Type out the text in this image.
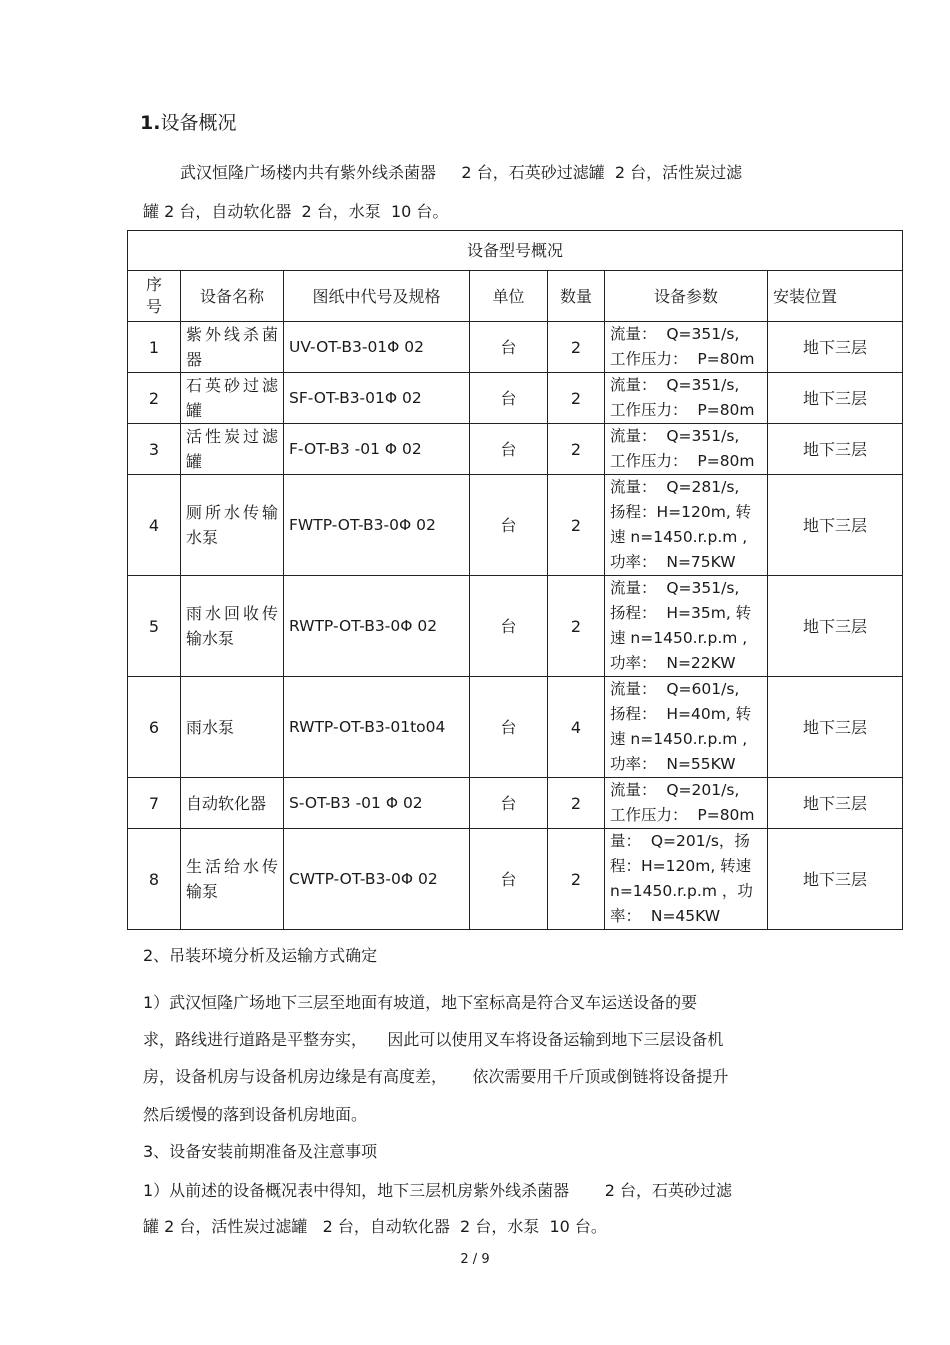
1.设备概况
武汉恒隆广场楼内共有紫外线杀菌器     2 台，石英砂过滤罐  2 台，活性炭过滤
罐 2 台，自动软化器  2 台，水泵  10 台。
设备型号概况						

序号	设备名称	图纸中代号及规格	单位	数量	设备参数	安装位置
1	紫外线杀菌器	UV-OT-B3-01Φ 02	台	2	流量：  Q=351/s,
工作压力：  P=80m	地下三层
2	石英砂过滤罐	SF-OT-B3-01Φ 02	台	2	流量：  Q=351/s,
工作压力：  P=80m	地下三层
3	活性炭过滤罐	F-OT-B3 -01 Φ 02	台	2	流量：  Q=351/s,
工作压力：  P=80m	地下三层
4	厕所水传输水泵	FWTP-OT-B3-0Φ 02	台	2	流量：  Q=281/s,
扬程：H=120m, 转
速 n=1450.r.p.m ,
功率：  N=75KW	地下三层
5	雨水回收传输水泵	RWTP-OT-B3-0Φ 02	台	2	流量：  Q=351/s,
扬程：  H=35m, 转
速 n=1450.r.p.m ,
功率：  N=22KW	地下三层
6	雨水泵	RWTP-OT-B3-01to04	台	4	流量：  Q=601/s,
扬程：  H=40m, 转
速 n=1450.r.p.m ,
功率：  N=55KW	地下三层
7	自动软化器	S-OT-B3 -01 Φ 02	台	2	流量：  Q=201/s,
工作压力：  P=80m	地下三层
8	生活给水传输泵	CWTP-OT-B3-0Φ 02	台	2	量：  Q=201/s，扬
程：H=120m, 转速
n=1450.r.p.m ，功
率：  N=45KW	地下三层
2、吊装环境分析及运输方式确定
1）武汉恒隆广场地下三层至地面有坡道，地下室标高是符合叉车运送设备的要
求，路线进行道路是平整夯实，    因此可以使用叉车将设备运输到地下三层设备机
房，设备机房与设备机房边缘是有高度差，     依次需要用千斤顶或倒链将设备提升
然后缓慢的落到设备机房地面。
3、设备安装前期准备及注意事项
1）从前述的设备概况表中得知，地下三层机房紫外线杀菌器       2 台，石英砂过滤
罐 2 台，活性炭过滤罐   2 台，自动软化器  2 台，水泵  10 台。
2 / 9
